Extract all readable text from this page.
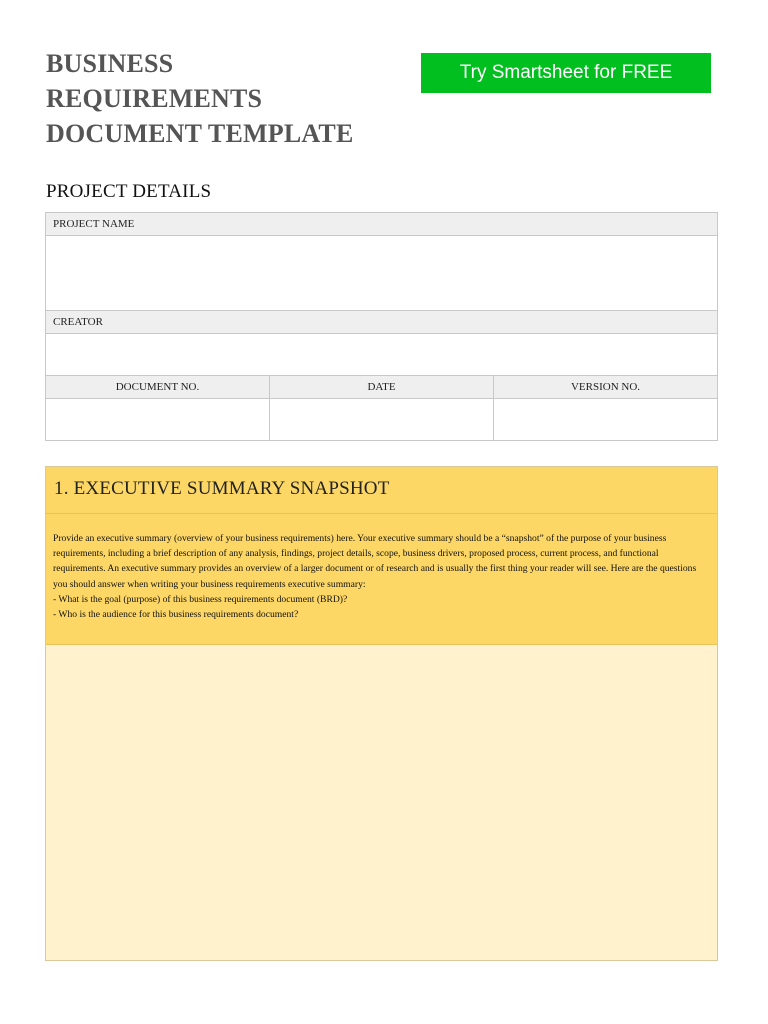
BUSINESS
REQUIREMENTS
DOCUMENT TEMPLATE
Try Smartsheet for FREE
PROJECT DETAILS
PROJECT NAME
CREATOR
DOCUMENT NO.	DATE	VERSION NO.
1. EXECUTIVE SUMMARY SNAPSHOT

Provide an executive summary (overview of your business requirements) here. Your executive summary should be a “snapshot” of the purpose of your business requirements, including a brief description of any analysis, findings, project details, scope, business drivers, proposed process, current process, and functional requirements. An executive summary provides an overview of a larger document or of research and is usually the first thing your reader will see. Here are the questions you should answer when writing your business requirements executive summary:

- What is the goal (purpose) of this business requirements document (BRD)?

- Who is the audience for this business requirements document?
